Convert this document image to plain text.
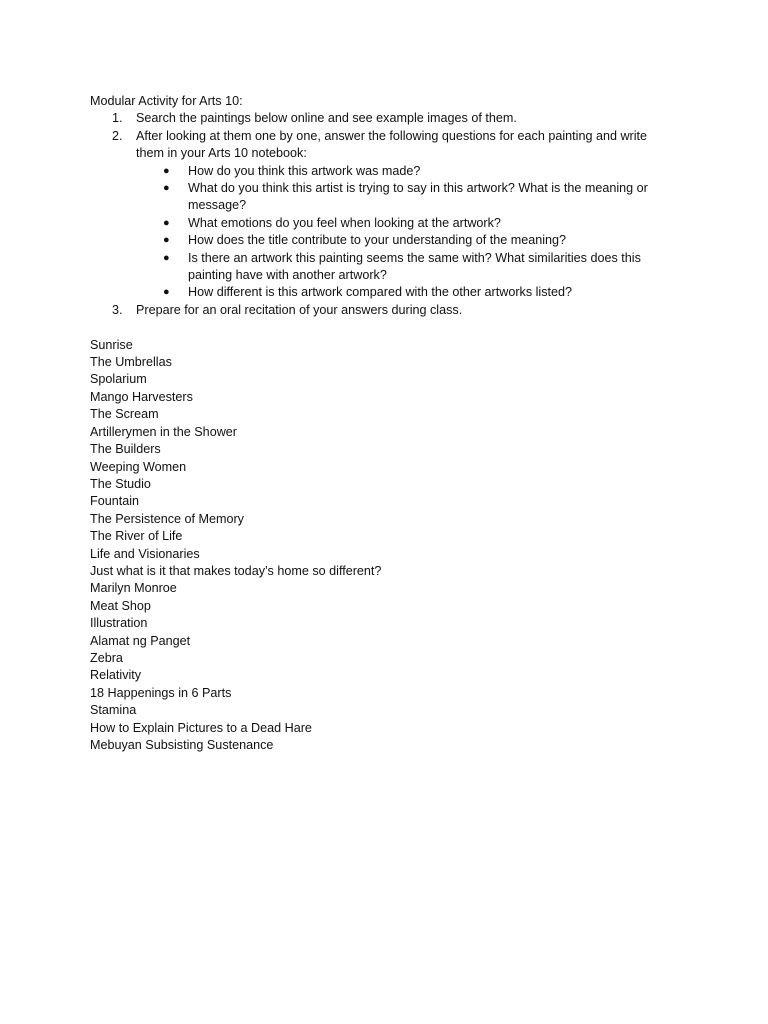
Modular Activity for Arts 10:

1. Search the paintings below online and see example images of them.
2. After looking at them one by one, answer the following questions for each painting and write them in your Arts 10 notebook:
● How do you think this artwork was made?
● What do you think this artist is trying to say in this artwork? What is the meaning or message?
● What emotions do you feel when looking at the artwork?
● How does the title contribute to your understanding of the meaning?
● Is there an artwork this painting seems the same with? What similarities does this painting have with another artwork?
● How different is this artwork compared with the other artworks listed?
3. Prepare for an oral recitation of your answers during class.
Sunrise
The Umbrellas
Spolarium
Mango Harvesters
The Scream
Artillerymen in the Shower
The Builders
Weeping Women
The Studio
Fountain
The Persistence of Memory
The River of Life
Life and Visionaries
Just what is it that makes today’s home so different?
Marilyn Monroe
Meat Shop
Illustration
Alamat ng Panget
Zebra
Relativity
18 Happenings in 6 Parts
Stamina
How to Explain Pictures to a Dead Hare
Mebuyan Subsisting Sustenance
